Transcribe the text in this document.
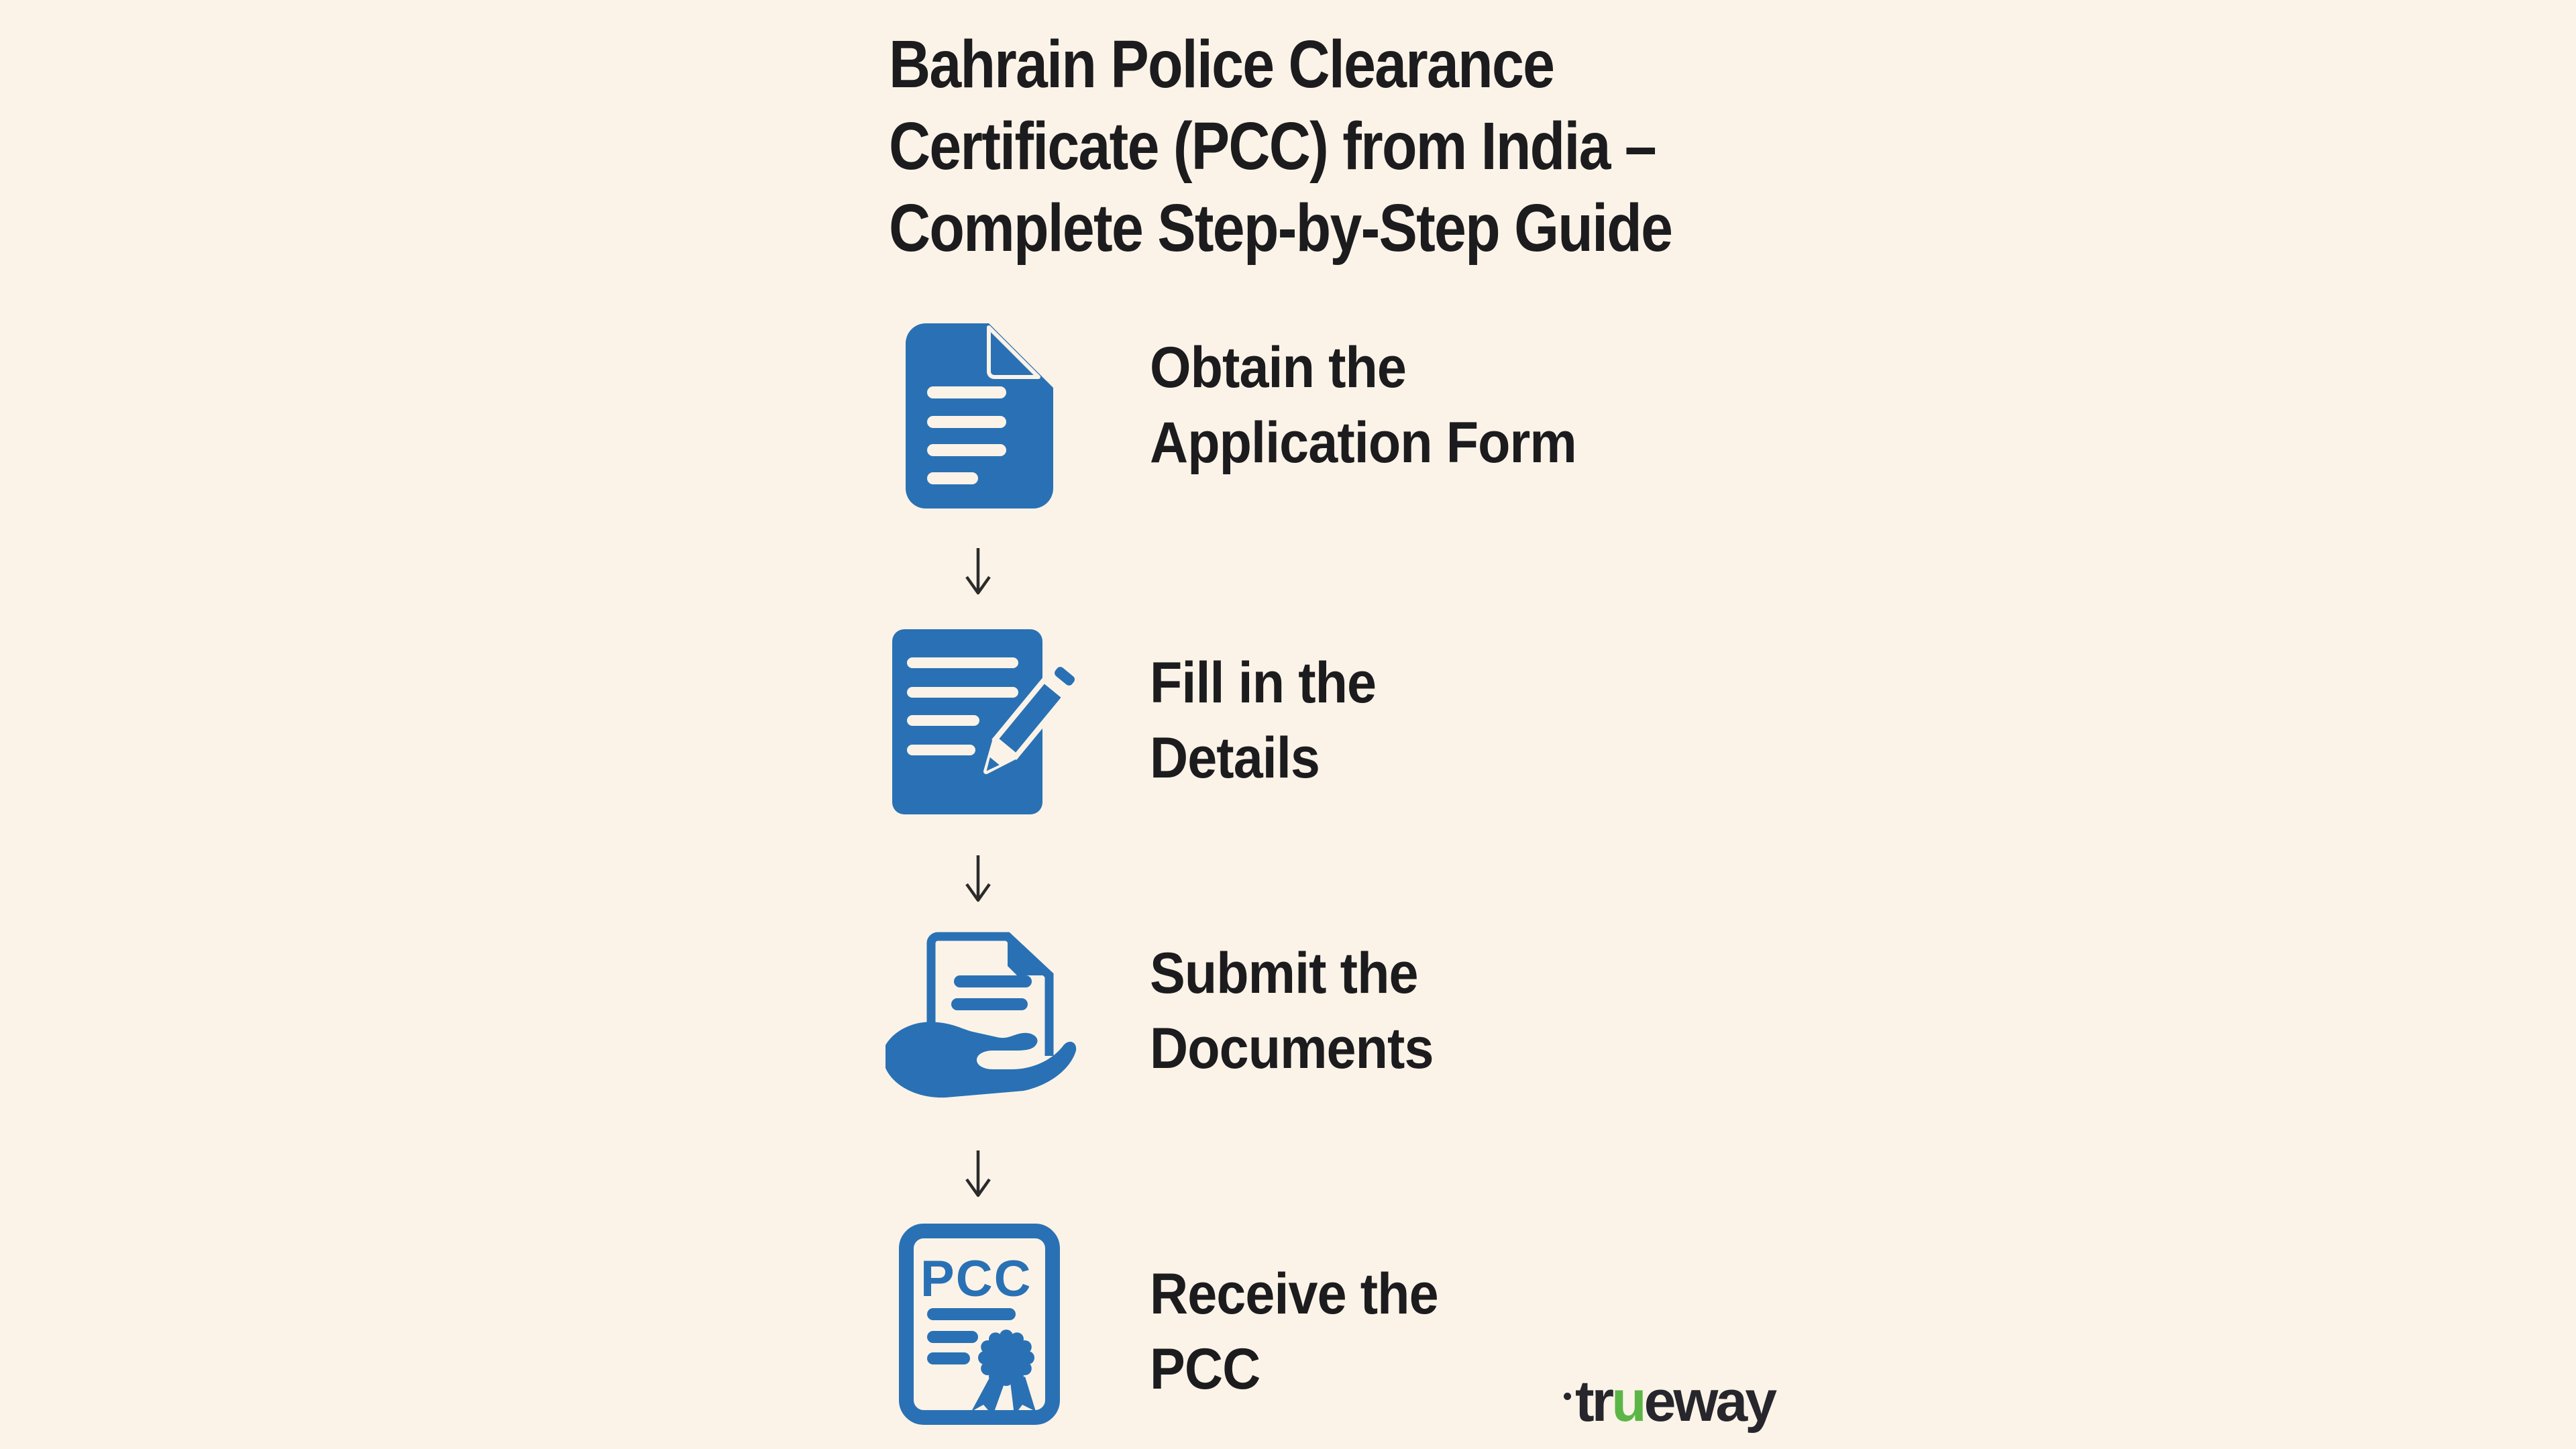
Bahrain Police Clearance
Certificate (PCC) from India –
Complete Step-by-Step Guide
Obtain the
Application Form
Fill in the
Details
Submit the
Documents
PCC Receive the
PCC	trueway
